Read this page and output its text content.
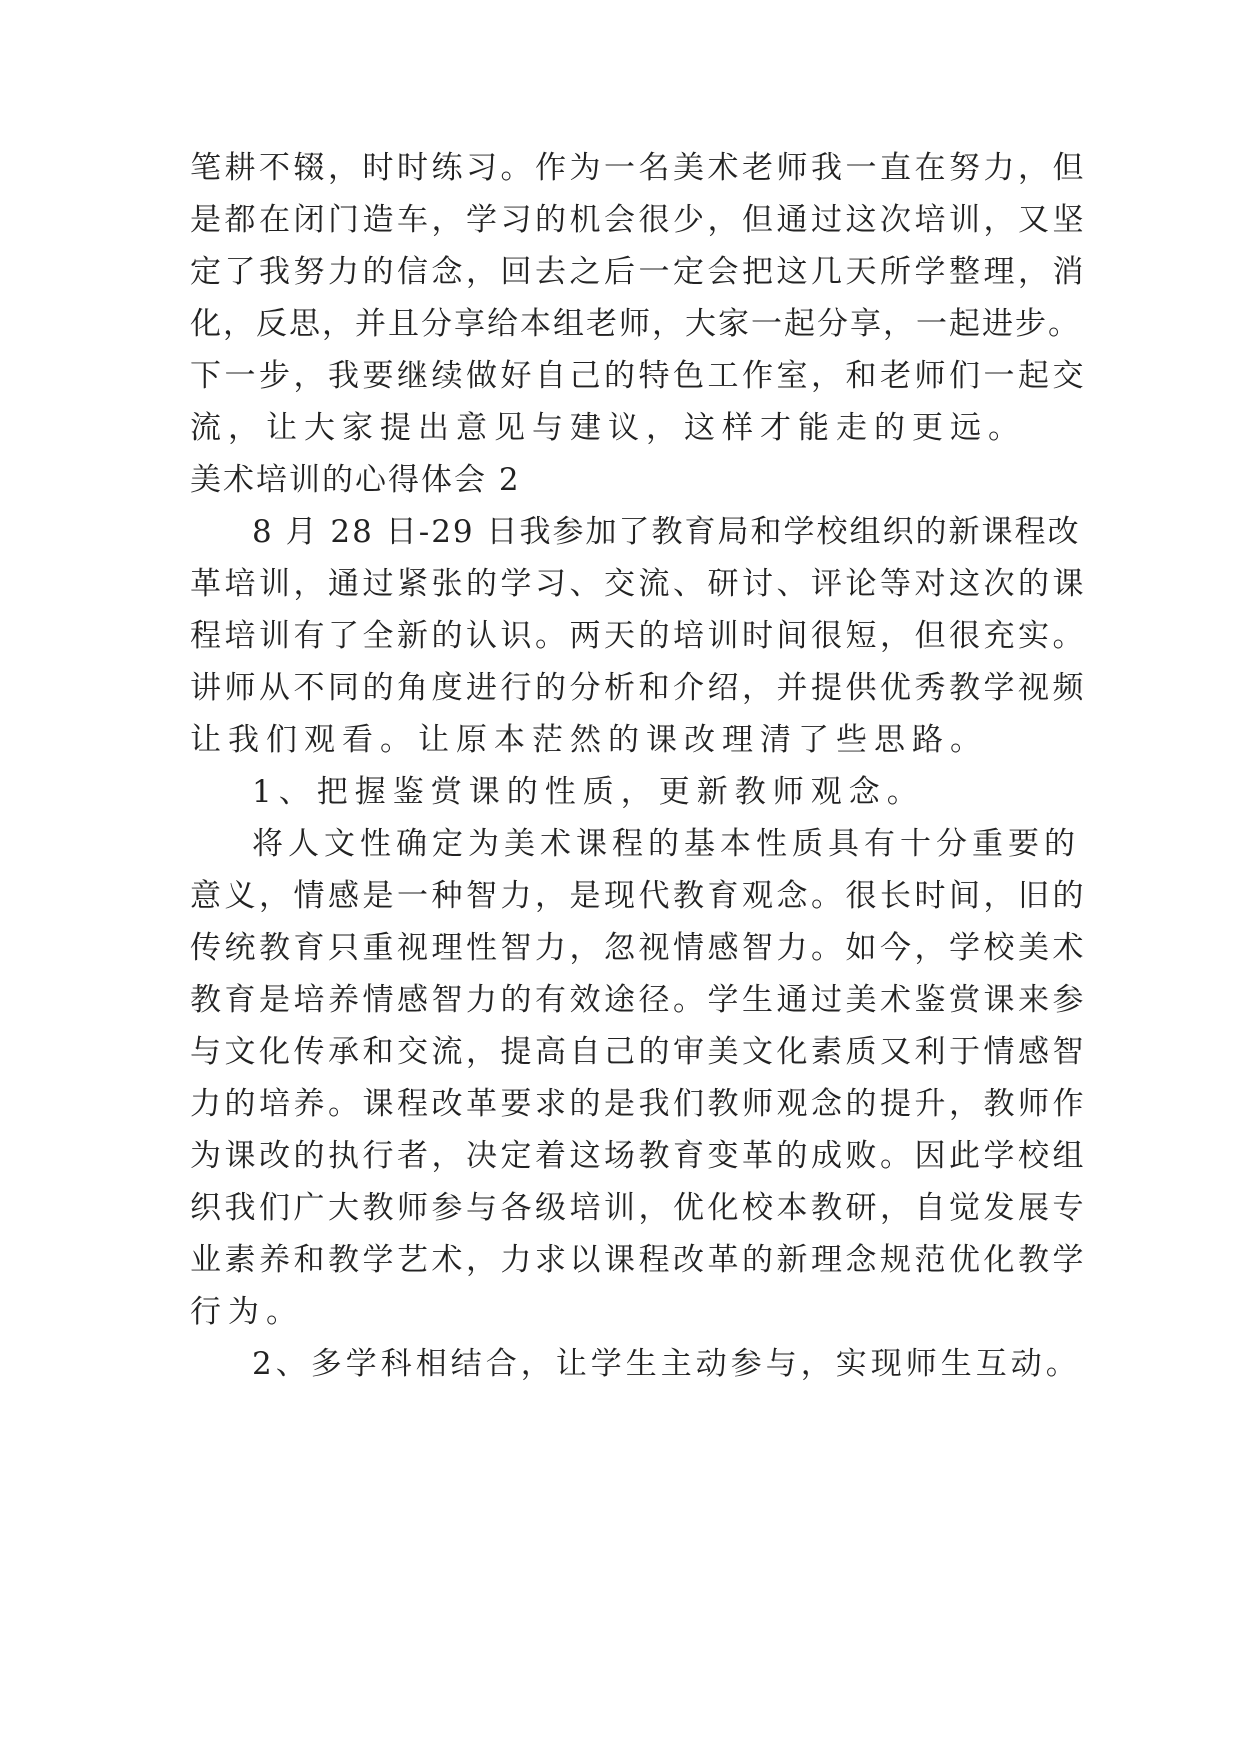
笔耕不辍，时时练习。作为一名美术老师我一直在努力，但
是都在闭门造车，学习的机会很少，但通过这次培训，又坚
定了我努力的信念，回去之后一定会把这几天所学整理，消
化，反思，并且分享给本组老师，大家一起分享，一起进步。
下一步，我要继续做好自己的特色工作室，和老师们一起交
流，让大家提出意见与建议，这样才能走的更远。
美术培训的心得体会 2
8 月 28 日-29 日我参加了教育局和学校组织的新课程改
革培训，通过紧张的学习、交流、研讨、评论等对这次的课
程培训有了全新的认识。两天的培训时间很短，但很充实。
讲师从不同的角度进行的分析和介绍，并提供优秀教学视频
让我们观看。让原本茫然的课改理清了些思路。
1、把握鉴赏课的性质，更新教师观念。
将人文性确定为美术课程的基本性质具有十分重要的
意义，情感是一种智力，是现代教育观念。很长时间，旧的
传统教育只重视理性智力，忽视情感智力。如今，学校美术
教育是培养情感智力的有效途径。学生通过美术鉴赏课来参
与文化传承和交流，提高自己的审美文化素质又利于情感智
力的培养。课程改革要求的是我们教师观念的提升，教师作
为课改的执行者，决定着这场教育变革的成败。因此学校组
织我们广大教师参与各级培训，优化校本教研，自觉发展专
业素养和教学艺术，力求以课程改革的新理念规范优化教学
行为。
2、多学科相结合，让学生主动参与，实现师生互动。
